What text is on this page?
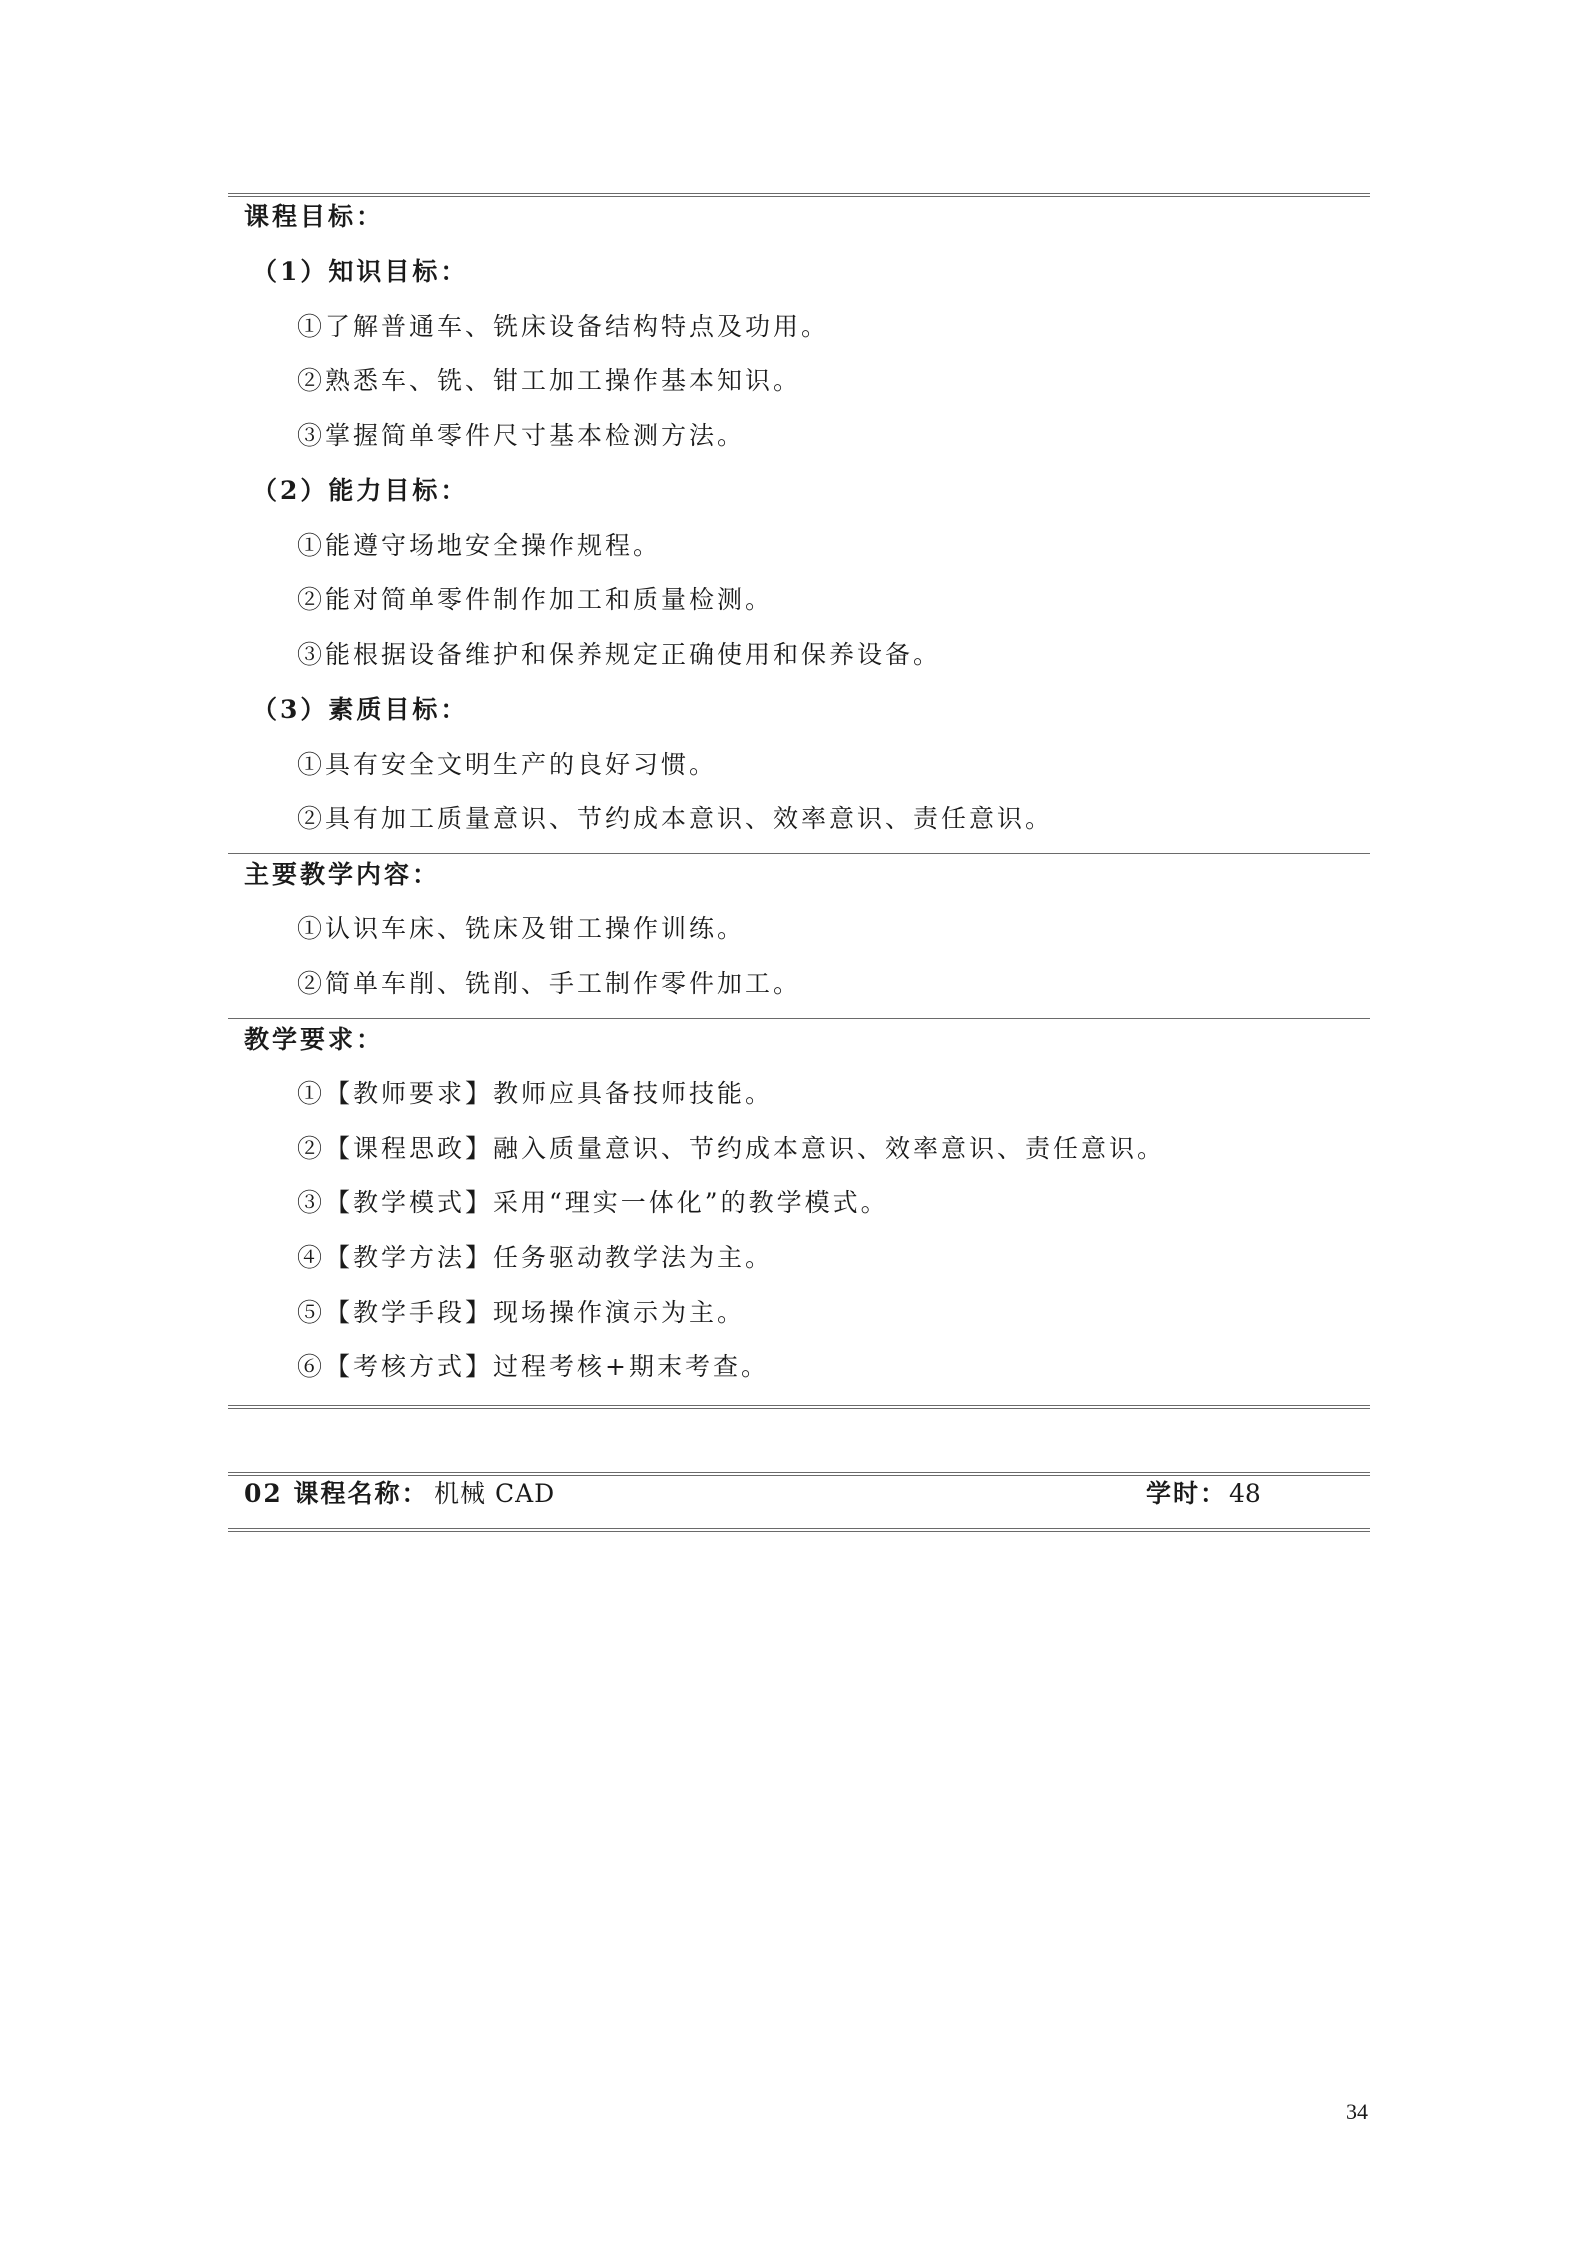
课程目标：
（1）知识目标：
①了解普通车、铣床设备结构特点及功用。
②熟悉车、铣、钳工加工操作基本知识。
③掌握简单零件尺寸基本检测方法。
（2）能力目标：
①能遵守场地安全操作规程。
②能对简单零件制作加工和质量检测。
③能根据设备维护和保养规定正确使用和保养设备。
（3）素质目标：
①具有安全文明生产的良好习惯。
②具有加工质量意识、节约成本意识、效率意识、责任意识。
主要教学内容：
①认识车床、铣床及钳工操作训练。
②简单车削、铣削、手工制作零件加工。
教学要求：
①【教师要求】教师应具备技师技能。
②【课程思政】融入质量意识、节约成本意识、效率意识、责任意识。
③【教学模式】采用“理实一体化”的教学模式。
④【教学方法】任务驱动教学法为主。
⑤【教学手段】现场操作演示为主。
⑥【考核方式】过程考核+期末考查。
02 课程名称： 机械 CAD	学时： 48
34
